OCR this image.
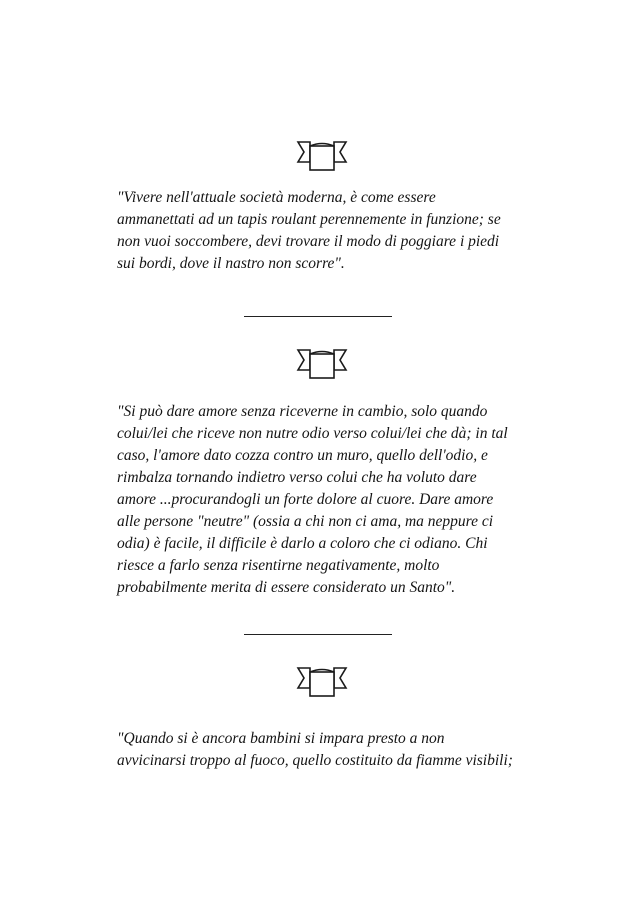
"Vivere nell'attuale società moderna, è come essere
ammanettati ad un tapis roulant perennemente in funzione; se
non vuoi soccombere, devi trovare il modo di poggiare i piedi
sui bordi, dove il nastro non scorre".

"Si può dare amore senza riceverne in cambio, solo quando
colui/lei che riceve non nutre odio verso colui/lei che dà; in tal
caso, l'amore dato cozza contro un muro, quello dell'odio, e
rimbalza tornando indietro verso colui che ha voluto dare
amore ...procurandogli un forte dolore al cuore. Dare amore
alle persone "neutre" (ossia a chi non ci ama, ma neppure ci
odia) è facile, il difficile è darlo a coloro che ci odiano. Chi
riesce a farlo senza risentirne negativamente, molto
probabilmente merita di essere considerato un Santo".

"Quando si è ancora bambini si impara presto a non
avvicinarsi troppo al fuoco, quello costituito da fiamme visibili;
